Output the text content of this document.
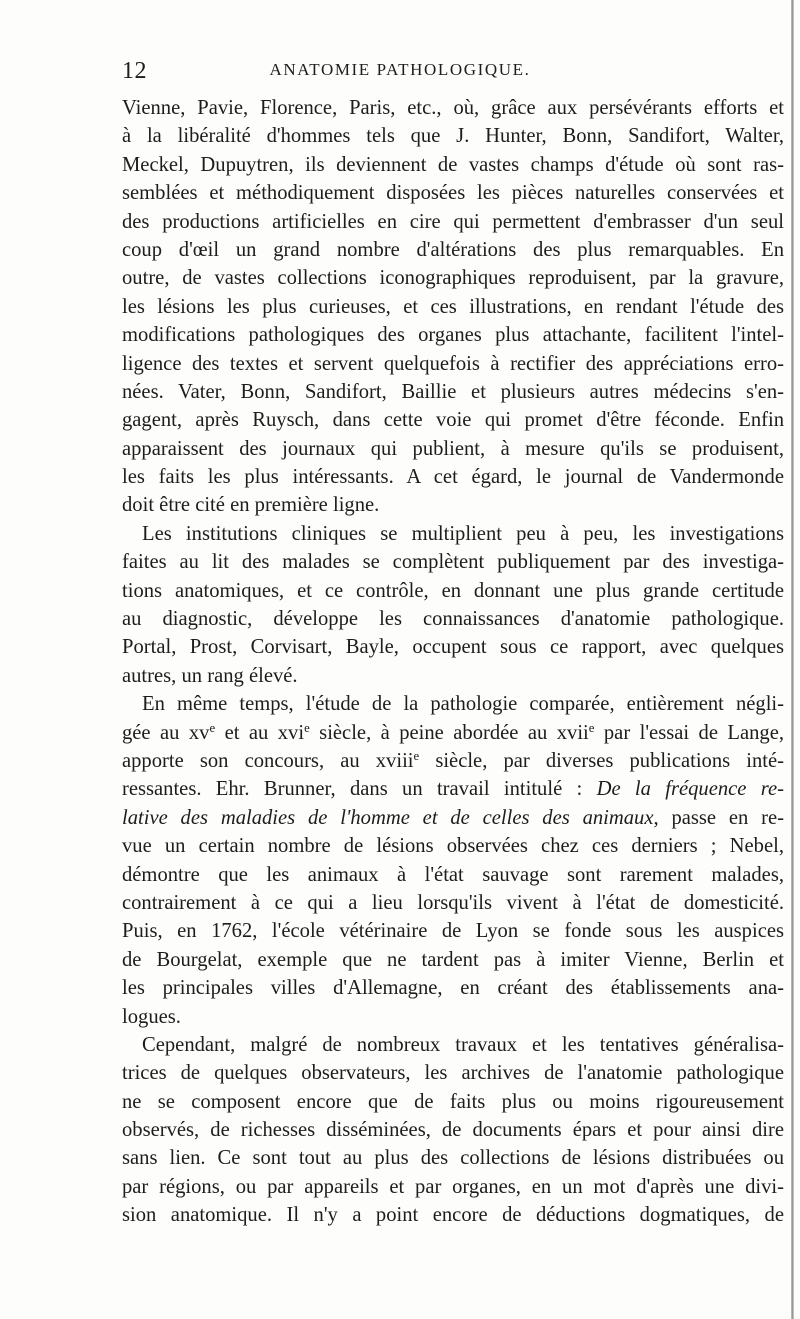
12	ANATOMIE PATHOLOGIQUE.
Vienne, Pavie, Florence, Paris, etc., où, grâce aux persévérants efforts et
à la libéralité d'hommes tels que J. Hunter, Bonn, Sandifort, Walter,
Meckel, Dupuytren, ils deviennent de vastes champs d'étude où sont ras-
semblées et méthodiquement disposées les pièces naturelles conservées et
des productions artificielles en cire qui permettent d'embrasser d'un seul
coup d'œil un grand nombre d'altérations des plus remarquables. En
outre, de vastes collections iconographiques reproduisent, par la gravure,
les lésions les plus curieuses, et ces illustrations, en rendant l'étude des
modifications pathologiques des organes plus attachante, facilitent l'intel-
ligence des textes et servent quelquefois à rectifier des appréciations erro-
nées. Vater, Bonn, Sandifort, Baillie et plusieurs autres médecins s'en-
gagent, après Ruysch, dans cette voie qui promet d'être féconde. Enfin
apparaissent des journaux qui publient, à mesure qu'ils se produisent,
les faits les plus intéressants. A cet égard, le journal de Vandermonde
doit être cité en première ligne.
Les institutions cliniques se multiplient peu à peu, les investigations
faites au lit des malades se complètent publiquement par des investiga-
tions anatomiques, et ce contrôle, en donnant une plus grande certitude
au diagnostic, développe les connaissances d'anatomie pathologique.
Portal, Prost, Corvisart, Bayle, occupent sous ce rapport, avec quelques
autres, un rang élevé.
En même temps, l'étude de la pathologie comparée, entièrement négli-
gée au $xv^e$ et au xvi$^e$ siècle, à peine abordée au xvii$^e$ par l'essai de Lange,
apporte son concours, au xviii$^e$ siècle, par diverses publications inté-
ressantes. Ehr. Brunner, dans un travail intitulé : De la fréquence re-
lative des maladies de l'homme et de celles des animaux, passe en re-
vue un certain nombre de lésions observées chez ces derniers ; Nebel,
démontre que les animaux à l'état sauvage sont rarement malades,
contrairement à ce qui a lieu lorsqu'ils vivent à l'état de domesticité.
Puis, en 1762, l'école vétérinaire de Lyon se fonde sous les auspices
de Bourgelat, exemple que ne tardent pas à imiter Vienne, Berlin et
les principales villes d'Allemagne, en créant des établissements ana-
logues.
Cependant, malgré de nombreux travaux et les tentatives généralisa-
trices de quelques observateurs, les archives de l'anatomie pathologique
ne se composent encore que de faits plus ou moins rigoureusement
observés, de richesses disséminées, de documents épars et pour ainsi dire
sans lien. Ce sont tout au plus des collections de lésions distribuées ou
par régions, ou par appareils et par organes, en un mot d'après une divi-
sion anatomique. Il n'y a point encore de déductions dogmatiques, de
